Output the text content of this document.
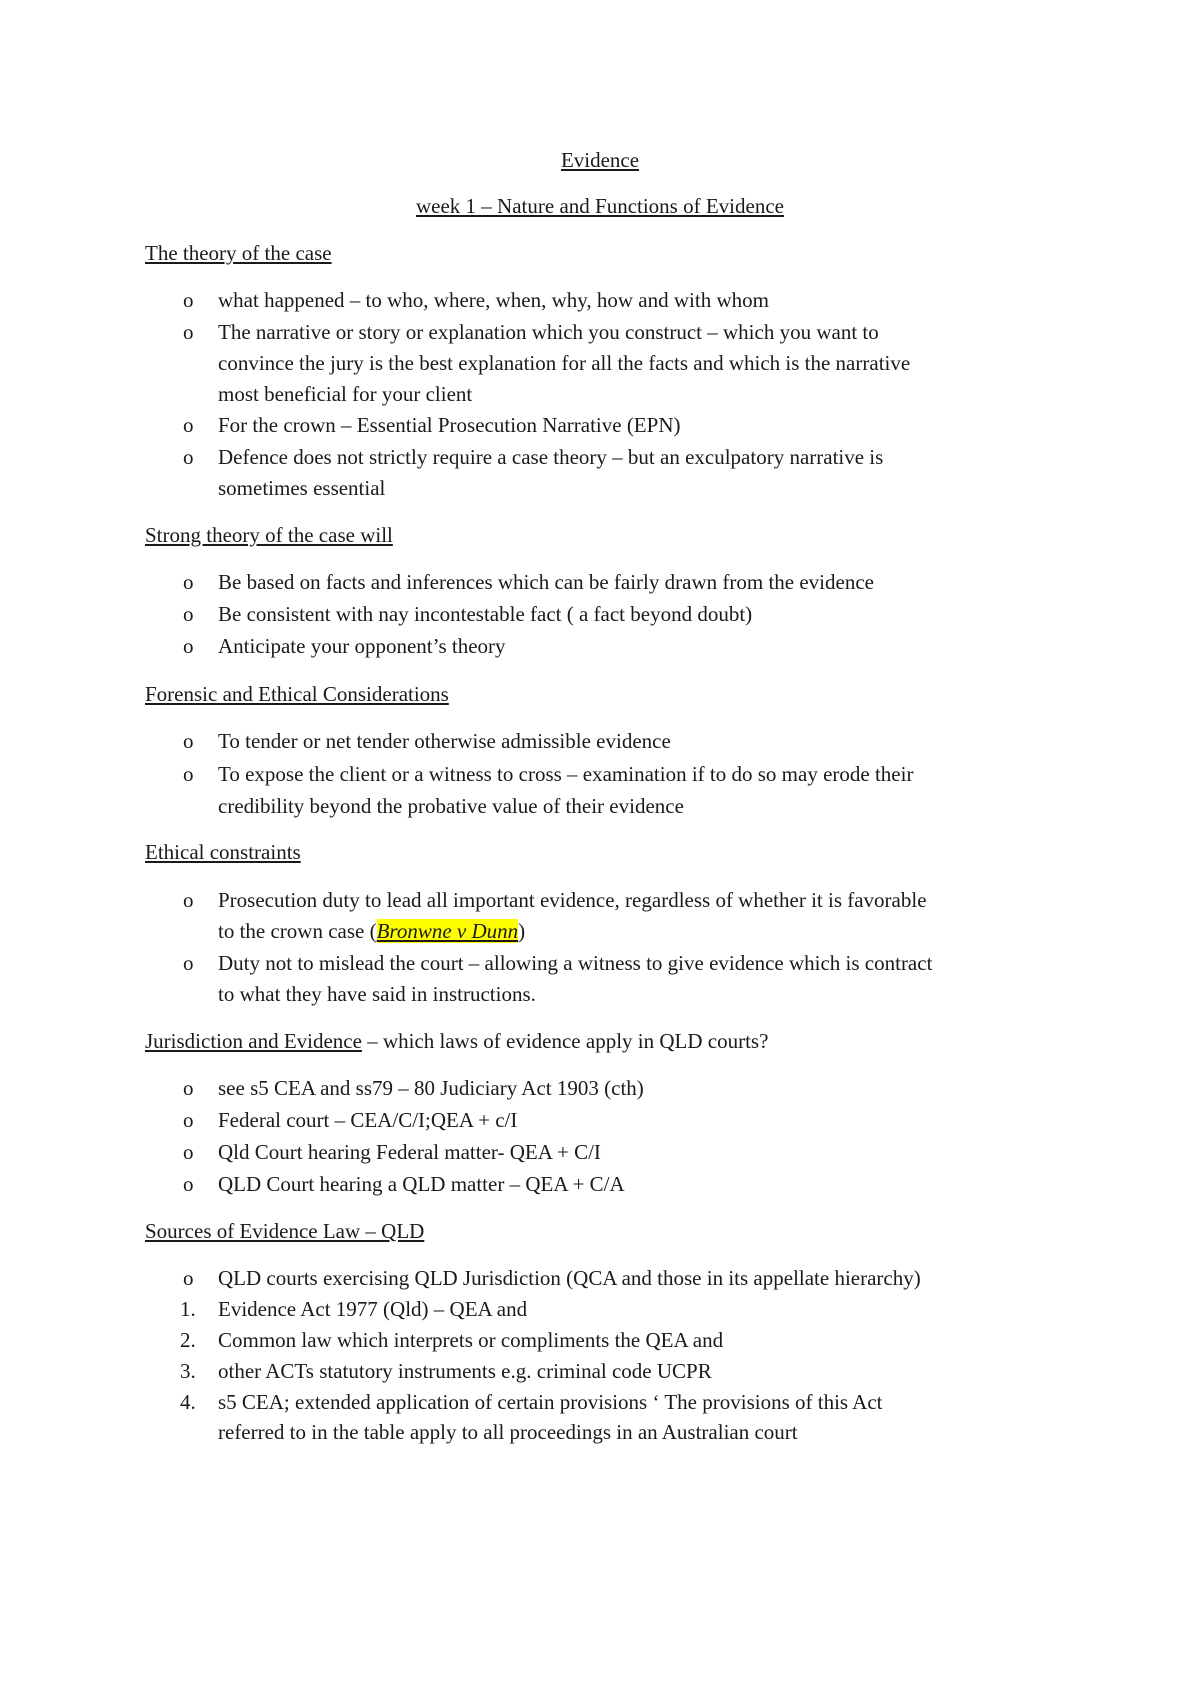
Evidence
week 1 – Nature and Functions of Evidence
The theory of the case
o what happened – to who, where, when, why, how and with whom
o The narrative or story or explanation which you construct – which you want to
convince the jury is the best explanation for all the facts and which is the narrative
most beneficial for your client
o For the crown – Essential Prosecution Narrative (EPN)
o Defence does not strictly require a case theory – but an exculpatory narrative is
sometimes essential
Strong theory of the case will
o Be based on facts and inferences which can be fairly drawn from the evidence
o Be consistent with nay incontestable fact ( a fact beyond doubt)
o Anticipate your opponent’s theory
Forensic and Ethical Considerations
o To tender or net tender otherwise admissible evidence
o To expose the client or a witness to cross – examination if to do so may erode their
credibility beyond the probative value of their evidence
Ethical constraints
o Prosecution duty to lead all important evidence, regardless of whether it is favorable
to the crown case (Bronwne v Dunn)
o Duty not to mislead the court – allowing a witness to give evidence which is contract
to what they have said in instructions.
Jurisdiction and Evidence – which laws of evidence apply in QLD courts?
o see s5 CEA and ss79 – 80 Judiciary Act 1903 (cth)
o Federal court – CEA/C/I;QEA + c/I
o Qld Court hearing Federal matter- QEA + C/I
o QLD Court hearing a QLD matter – QEA + C/A
Sources of Evidence Law – QLD
o QLD courts exercising QLD Jurisdiction (QCA and those in its appellate hierarchy)
1. Evidence Act 1977 (Qld) – QEA and
2. Common law which interprets or compliments the QEA and
3. other ACTs statutory instruments e.g. criminal code UCPR
4. s5 CEA; extended application of certain provisions ‘ The provisions of this Act
referred to in the table apply to all proceedings in an Australian court
